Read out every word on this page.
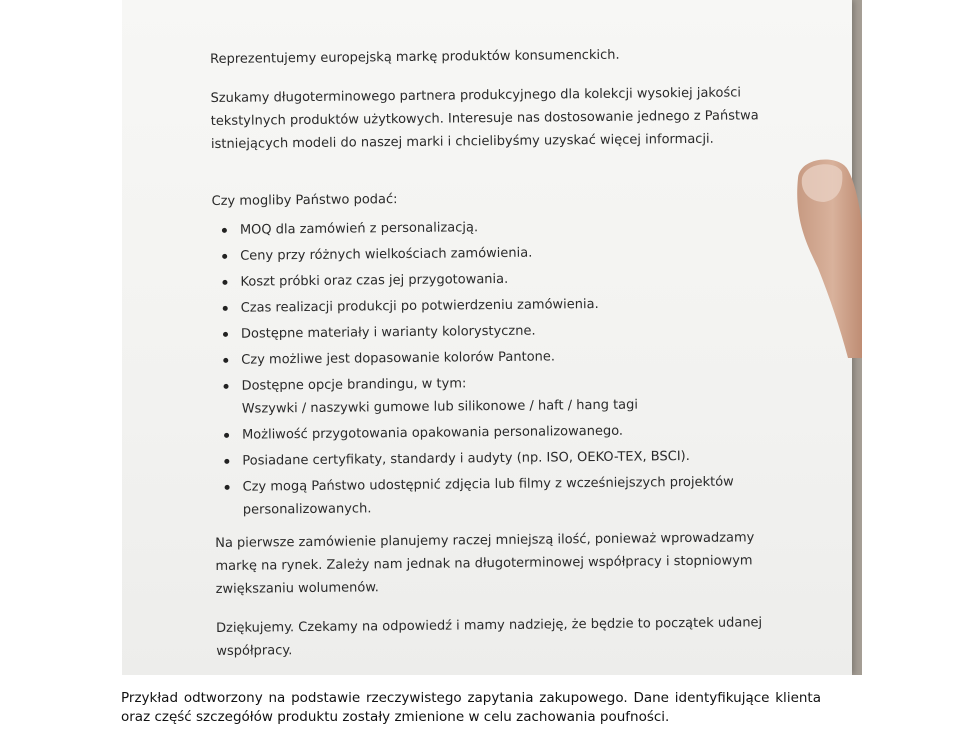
Reprezentujemy europejską markę produktów konsumenckich.

Szukamy długoterminowego partnera produkcyjnego dla kolekcji wysokiej jakości tekstylnych produktów użytkowych. Interesuje nas dostosowanie jednego z Państwa istniejących modeli do naszej marki i chcielibyśmy uzyskać więcej informacji.

Czy mogliby Państwo podać:

MOQ dla zamówień z personalizacją.
Ceny przy różnych wielkościach zamówienia.
Koszt próbki oraz czas jej przygotowania.
Czas realizacji produkcji po potwierdzeniu zamówienia.
Dostępne materiały i warianty kolorystyczne.
Czy możliwe jest dopasowanie kolorów Pantone.
Dostępne opcje brandingu, w tym:
Wszywki / naszywki gumowe lub silikonowe / haft / hang tagi
Możliwość przygotowania opakowania personalizowanego.
Posiadane certyfikaty, standardy i audyty (np. ISO, OEKO-TEX, BSCI).
Czy mogą Państwo udostępnić zdjęcia lub filmy z wcześniejszych projektów personalizowanych.

Na pierwsze zamówienie planujemy raczej mniejszą ilość, ponieważ wprowadzamy markę na rynek. Zależy nam jednak na długoterminowej współpracy i stopniowym zwiększaniu wolumenów.

Dziękujemy. Czekamy na odpowiedź i mamy nadzieję, że będzie to początek udanej współpracy.

Przykład odtworzony na podstawie rzeczywistego zapytania zakupowego. Dane identyfikujące klienta oraz część szczegółów produktu zostały zmienione w celu zachowania poufności.
